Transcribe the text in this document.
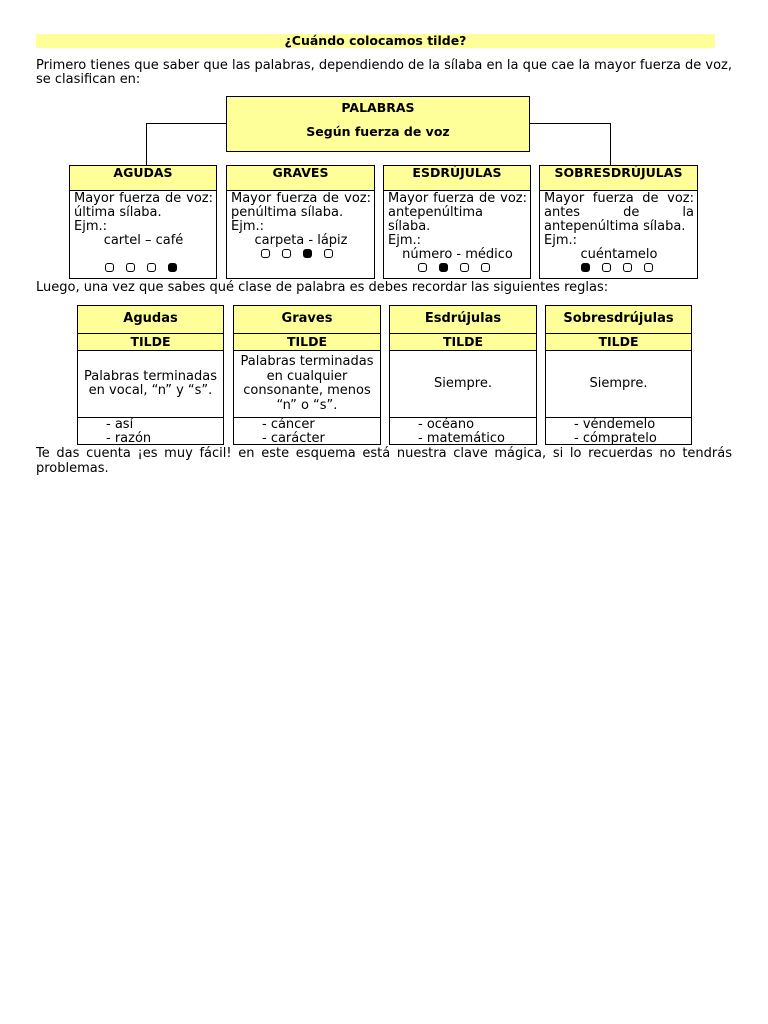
¿Cuándo colocamos tilde?
Primero tienes que saber que las palabras, dependiendo de la sílaba en la que cae la mayor fuerza de voz,
se clasifican en:
PALABRAS
Según fuerza de voz
AGUDAS
Mayor fuerza de voz: última sílaba.
Ejm.:
cartel – café
GRAVES
Mayor fuerza de voz: penúltima sílaba.
Ejm.:
carpeta - lápiz
ESDRÚJULAS
Mayor fuerza de voz: antepenúltima sílaba.
Ejm.:
número - médico
SOBRESDRÚJULAS
Mayor fuerza de voz: antes de la antepenúltima sílaba.
Ejm.:
cuéntamelo
Luego, una vez que sabes qué clase de palabra es debes recordar las siguientes reglas:
Agudas
TILDE
Palabras terminadas en vocal, “n” y “s”.
- así
- razón
Graves
TILDE
Palabras terminadas en cualquier consonante, menos “n” o “s”.
- cáncer
- carácter
Esdrújulas
TILDE
Siempre.
- océano
- matemático
Sobresdrújulas
TILDE
Siempre.
- véndemelo
- cómpratelo
Te das cuenta ¡es muy fácil! en este esquema está nuestra clave mágica, si lo recuerdas no tendrás
problemas.
